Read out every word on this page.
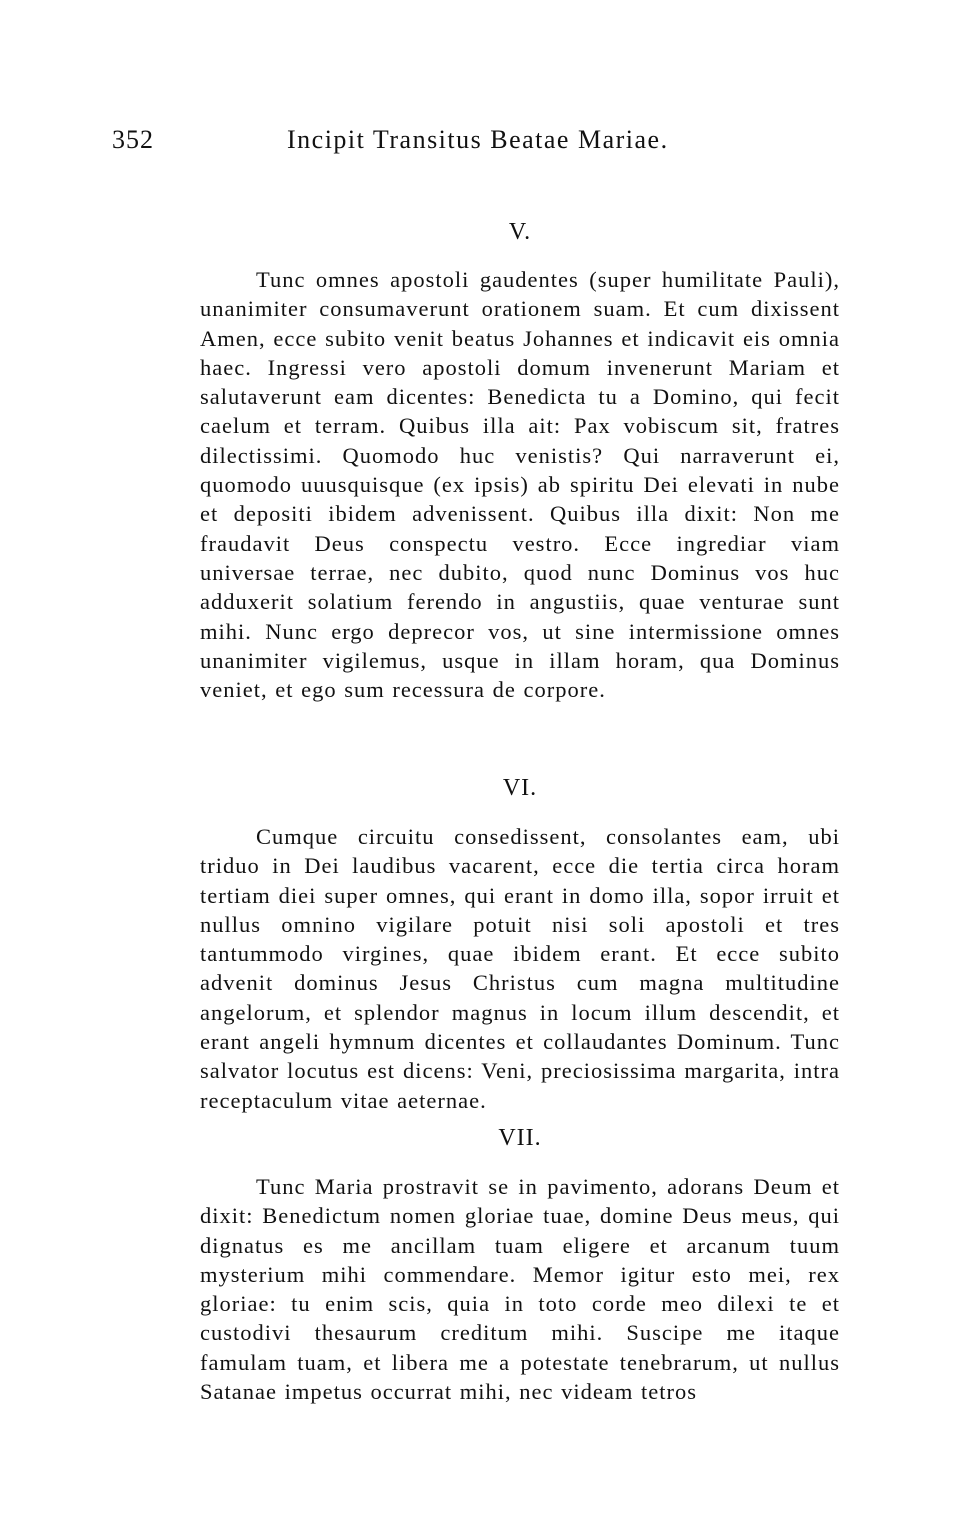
352	Incipit Transitus Beatae Mariae.

V.

Tunc omnes apostoli gaudentes (super humilitate Pauli), unanimiter consumaverunt orationem suam. Et cum dixissent Amen, ecce subito venit beatus Johannes et indicavit eis omnia haec. Ingressi vero apostoli domum invenerunt Mariam et salutaverunt eam dicentes: Benedicta tu a Domino, qui fecit caelum et terram. Quibus illa ait: Pax vobiscum sit, fratres dilectissimi. Quomodo huc venistis? Qui narraverunt ei, quomodo uuusquisque (ex ipsis) ab spiritu Dei elevati in nube et depositi ibidem advenissent. Quibus illa dixit: Non me fraudavit Deus conspectu vestro. Ecce ingrediar viam universae terrae, nec dubito, quod nunc Dominus vos huc adduxerit solatium ferendo in angustiis, quae venturae sunt mihi. Nunc ergo deprecor vos, ut sine intermissione omnes unanimiter vigilemus, usque in illam horam, qua Dominus veniet, et ego sum recessura de corpore.

VI.

Cumque circuitu consedissent, consolantes eam, ubi triduo in Dei laudibus vacarent, ecce die tertia circa horam tertiam diei super omnes, qui erant in domo illa, sopor irruit et nullus omnino vigilare potuit nisi soli apostoli et tres tantummodo virgines, quae ibidem erant. Et ecce subito advenit dominus Jesus Christus cum magna multitudine angelorum, et splendor magnus in locum illum descendit, et erant angeli hymnum dicentes et collaudantes Dominum. Tunc salvator locutus est dicens: Veni, preciosissima margarita, intra receptaculum vitae aeternae.

VII.

Tunc Maria prostravit se in pavimento, adorans Deum et dixit: Benedictum nomen gloriae tuae, domine Deus meus, qui dignatus es me ancillam tuam eligere et arcanum tuum mysterium mihi commendare. Memor igitur esto mei, rex gloriae: tu enim scis, quia in toto corde meo dilexi te et custodivi thesaurum creditum mihi. Suscipe me itaque famulam tuam, et libera me a potestate tenebrarum, ut nullus Satanae impetus occurrat mihi, nec videam tetros
